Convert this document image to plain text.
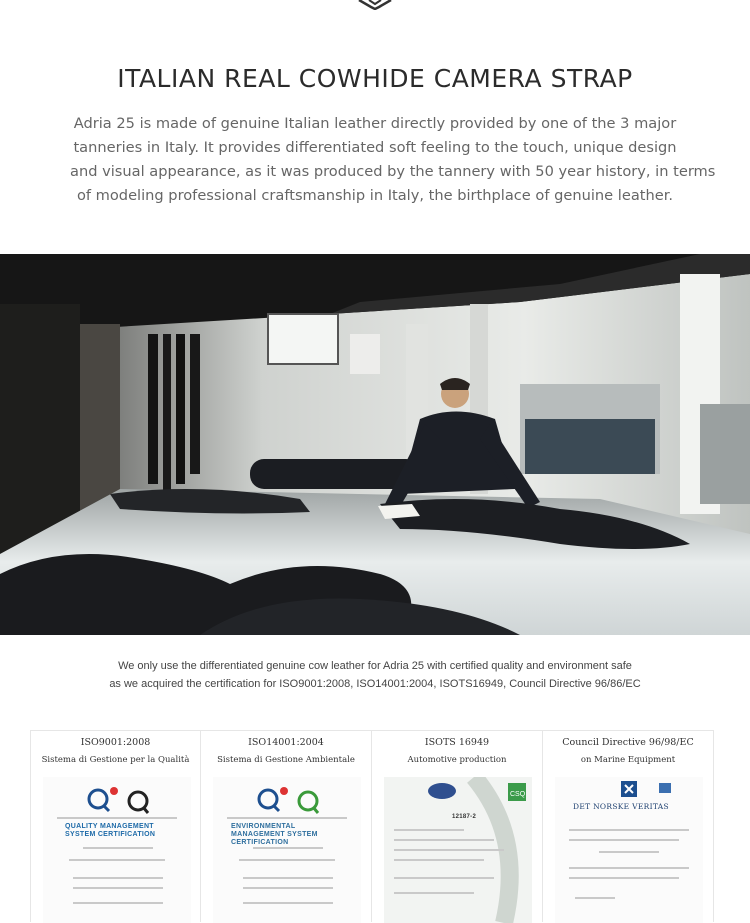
ITALIAN REAL COWHIDE CAMERA STRAP

Adria 25 is made of genuine Italian leather directly provided by one of the 3 major

tanneries in Italy. It provides differentiated soft feeling to the touch, unique design

and visual appearance, as it was produced by the tannery with 50 year history, in terms

of modeling professional craftsmanship in Italy, the birthplace of genuine leather.

We only use the differentiated genuine cow leather for Adria 25 with certified quality and environment safe

as we acquired the certification for ISO9001:2008, ISO14001:2004, ISOTS16949, Council Directive 96/86/EC

ISO9001:2008
Sistema di Gestione per la Qualità
QUALITY MANAGEMENT SYSTEM CERTIFICATION
ISO14001:2004
Sistema di Gestione Ambientale
ENVIRONMENTAL MANAGEMENT SYSTEM CERTIFICATION
ISOTS 16949
Automotive production
CSQ
12187-2
Council Directive 96/98/EC
on Marine Equipment
DET NORSKE VERITAS
